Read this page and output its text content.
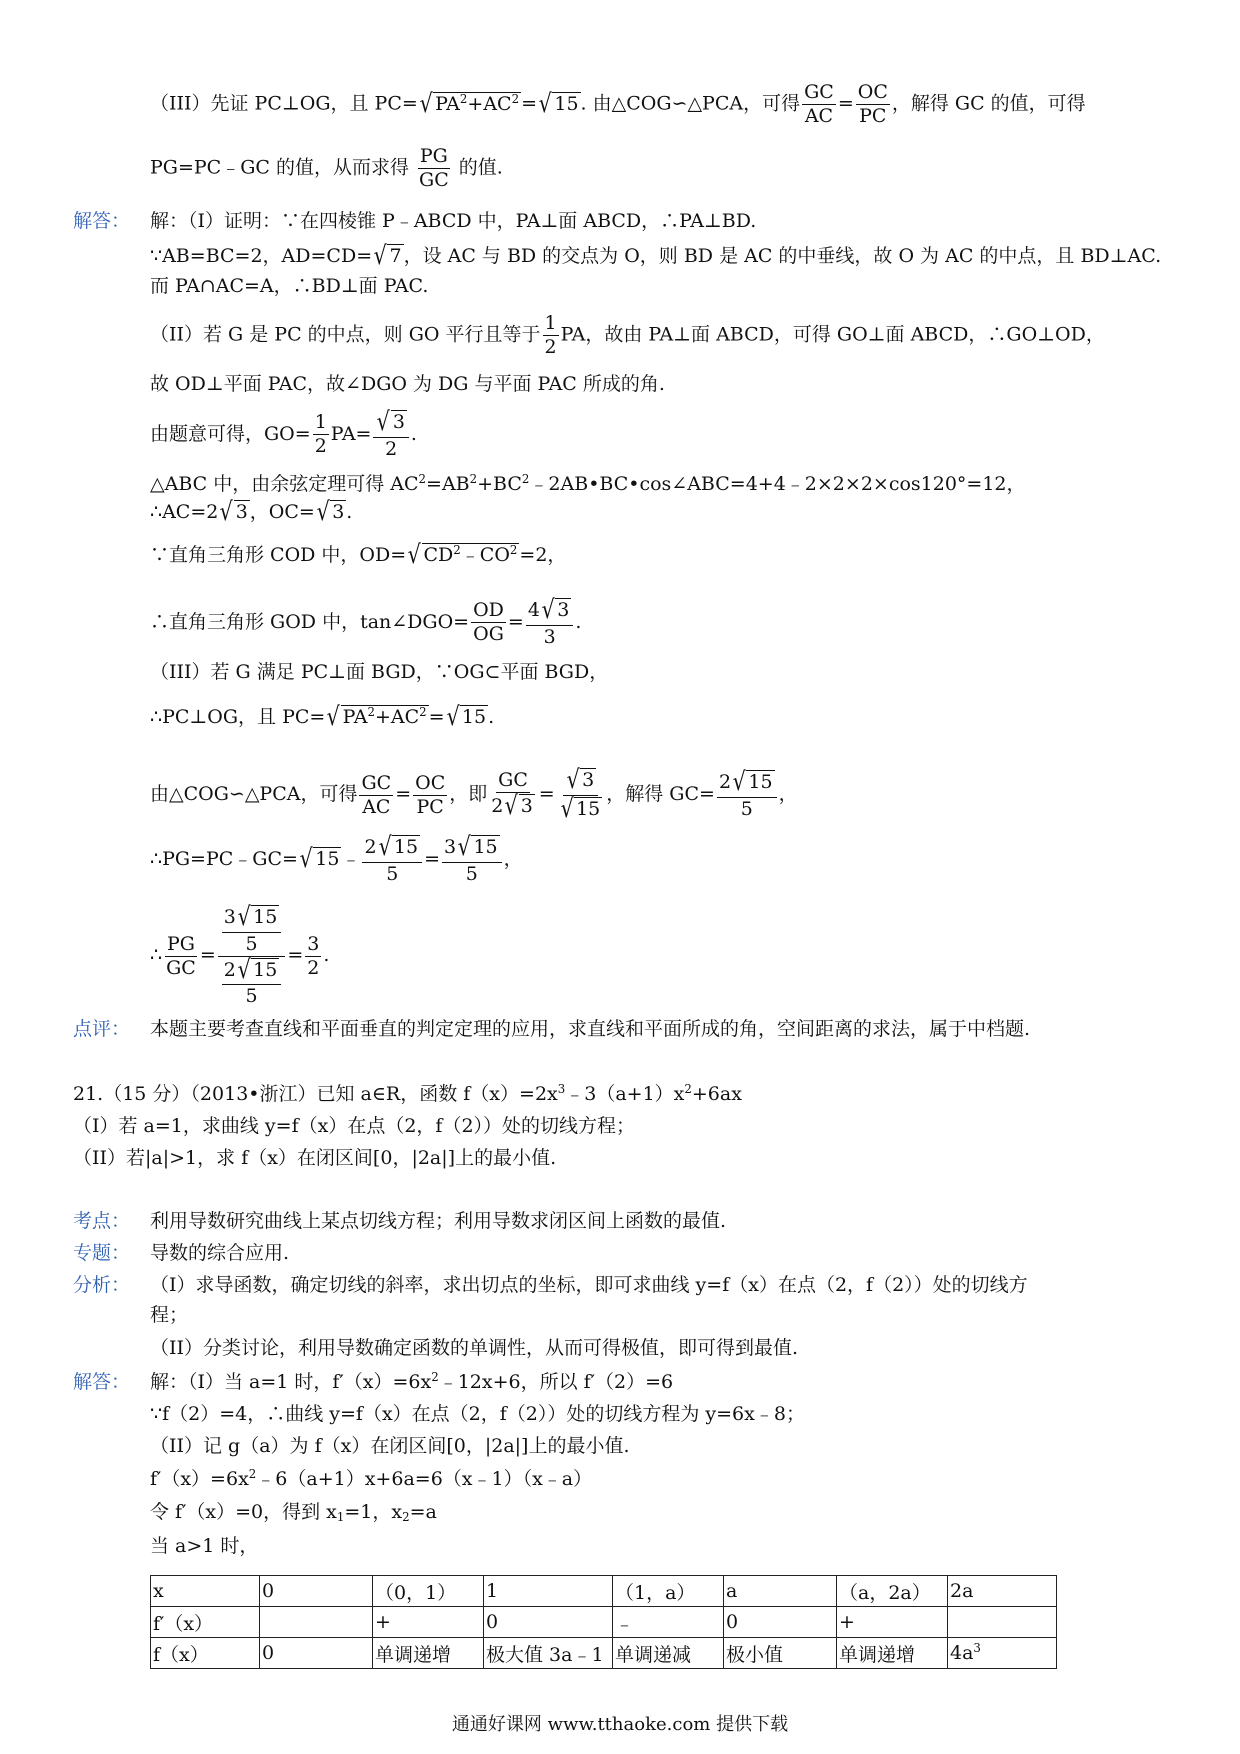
（III）先证 PC⊥OG，且 PC= √ $PA^2+AC^2$ = √ 15 . 由△COG∽△PCA，可得 $\frac{GC}{AC} = \frac{OC}{PC}$ ，解得 GC 的值，可得
PG=PC﹣GC 的值，从而求得 $\frac{PG}{GC}$ 的值.
解答： 解：（I）证明：∵在四棱锥 P﹣ABCD 中，PA⊥面 ABCD，∴PA⊥BD.
∵AB=BC=2，AD=CD= √ 7 ，设 AC 与 BD 的交点为 O，则 BD 是 AC 的中垂线，故 O 为 AC 的中点，且 BD⊥AC.
而 PA∩AC=A，∴BD⊥面 PAC.
（II）若 G 是 PC 的中点，则 GO 平行且等于 $\frac{1}{2}$ PA，故由 PA⊥面 ABCD，可得 GO⊥面 ABCD，∴GO⊥OD，
故 OD⊥平面 PAC，故∠DGO 为 DG 与平面 PAC 所成的角.
由题意可得，$GO= \frac{1}{2} PA= \frac{√ 3}{2}$ .
△ABC 中，由余弦定理可得 $AC^2=AB^2+BC^2﹣2AB•BC•\cos\angle ABC=4+4﹣2\times 2\times 2\times\cos 120^\circ=12$，
∴AC=2 √ 3 ，OC= √ 3 .
∵直角三角形 COD 中，OD= √ $CD^2﹣CO^2 =2$，
∴直角三角形 GOD 中，tan∠DGO= $\frac{OD}{OG} = \frac{4 √ 3}{3}$ .
（III）若 G 满足 PC⊥面 BGD，∵OG⊂平面 BGD，
∴PC⊥OG，且 PC= √ $PA^2+AC^2$ = √ 15 .
由△COG∽△PCA，可得 $\frac{GC}{AC} = \frac{OC}{PC}$ ，即 $\frac{GC}{2 √ 3} = \frac{√ 3}{√ 15}$ ，解得 $GC= \frac{2 √ 15}{5}$ ，
∴PG=PC﹣GC= √ 15 ﹣ $\frac{2 √ 15}{5} = \frac{3 √ 15}{5}$ ，
∴ $\frac{PG}{GC} = \frac{\frac{3 √ 15}{5}}{\frac{2 √ 15}{5}} = \frac{3}{2}$ .
点评： 本题主要考查直线和平面垂直的判定定理的应用，求直线和平面所成的角，空间距离的求法，属于中档题.
21.（15 分）（2013•浙江）已知 a∈R，函数 $f(x)=2x^3﹣3(a+1)x^2+6ax$
（I）若 a=1，求曲线 y=f（x）在点（2，f（2））处的切线方程；
（II）若|a|>1，求 f（x）在闭区间[0，|2a|]上的最小值.
考点： 利用导数研究曲线上某点切线方程；利用导数求闭区间上函数的最值.
专题： 导数的综合应用.
分析： （I）求导函数，确定切线的斜率，求出切点的坐标，即可求曲线 y=f（x）在点（2，f（2））处的切线方
程；
（II）分类讨论，利用导数确定函数的单调性，从而可得极值，即可得到最值.
解答： 解：（I）当 a=1 时，$f'(x)=6x^2﹣12x+6$，所以 f′（2）=6
∵f（2）=4，∴曲线 y=f（x）在点（2，f（2））处的切线方程为 y=6x﹣8；
（II）记 g（a）为 f（x）在闭区间[0，|2a|]上的最小值.
$f'(x)=6x^2﹣6(a+1)x+6a=6(x﹣1)(x﹣a)$
令 f′（x）=0，得到 $x_1=1$，$x_2=a$
当 a>1 时，
x	0	（0，1）	1	（1，a）	a	（a，2a）	2a
f′（x）		+	0	﹣	0	+	
f（x）	0	单调递增	极大值 3a﹣1	单调递减	极小值	单调递增	$4a^3$
通通好课网 www.tthaoke.com 提供下载
